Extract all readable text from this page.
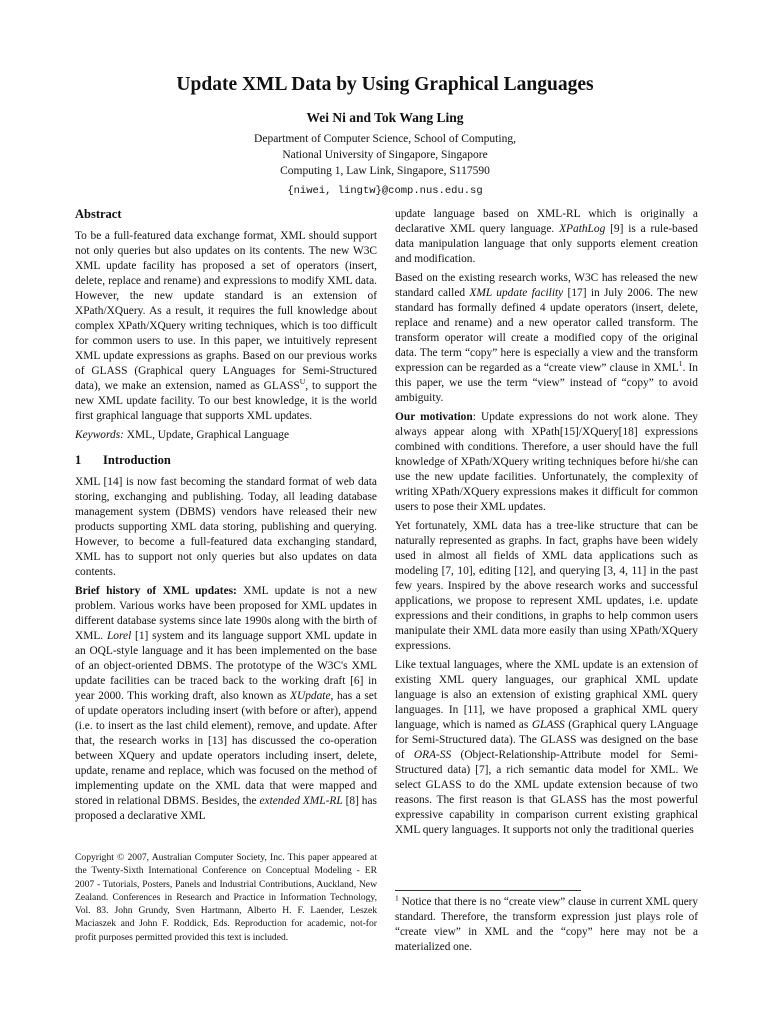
Update XML Data by Using Graphical Languages
Wei Ni and Tok Wang Ling
Department of Computer Science, School of Computing,
National University of Singapore, Singapore
Computing 1, Law Link, Singapore, S117590
{niwei, lingtw}@comp.nus.edu.sg
Abstract

To be a full-featured data exchange format, XML should support not only queries but also updates on its contents. The new W3C XML update facility has proposed a set of operators (insert, delete, replace and rename) and expressions to modify XML data. However, the new update standard is an extension of XPath/XQuery. As a result, it requires the full knowledge about complex XPath/XQuery writing techniques, which is too difficult for common users to use. In this paper, we intuitively represent XML update expressions as graphs. Based on our previous works of GLASS (Graphical query LAnguages for Semi-Structured data), we make an extension, named as $GLASS^U$, to support the new XML update facility. To our best knowledge, it is the world first graphical language that supports XML updates.

Keywords: XML, Update, Graphical Language

1 Introduction

XML [14] is now fast becoming the standard format of web data storing, exchanging and publishing. Today, all leading database management system (DBMS) vendors have released their new products supporting XML data storing, publishing and querying. However, to become a full-featured data exchanging standard, XML has to support not only queries but also updates on data contents.

Brief history of XML updates: XML update is not a new problem. Various works have been proposed for XML updates in different database systems since late 1990s along with the birth of XML. Lorel [1] system and its language support XML update in an OQL-style language and it has been implemented on the base of an object-oriented DBMS. The prototype of the W3C's XML update facilities can be traced back to the working draft [6] in year 2000. This working draft, also known as XUpdate, has a set of update operators including insert (with before or after), append (i.e. to insert as the last child element), remove, and update. After that, the research works in [13] has discussed the co-operation between XQuery and update operators including insert, delete, update, rename and replace, which was focused on the method of implementing update on the XML data that were mapped and stored in relational DBMS. Besides, the extended XML-RL [8] has proposed a declarative XML

Copyright © 2007, Australian Computer Society, Inc. This paper appeared at the Twenty-Sixth International Conference on Conceptual Modeling - ER 2007 - Tutorials, Posters, Panels and Industrial Contributions, Auckland, New Zealand. Conferences in Research and Practice in Information Technology, Vol. 83. John Grundy, Sven Hartmann, Alberto H. F. Laender, Leszek Maciaszek and John F. Roddick, Eds. Reproduction for academic, not-for profit purposes permitted provided this text is included.

update language based on XML-RL which is originally a declarative XML query language. XPathLog [9] is a rule-based data manipulation language that only supports element creation and modification.

Based on the existing research works, W3C has released the new standard called XML update facility [17] in July 2006. The new standard has formally defined 4 update operators (insert, delete, replace and rename) and a new operator called transform. The transform operator will create a modified copy of the original data. The term “copy” here is especially a view and the transform expression can be regarded as a “create view” clause in XML$^1$. In this paper, we use the term “view” instead of “copy” to avoid ambiguity.

Our motivation: Update expressions do not work alone. They always appear along with XPath[15]/XQuery[18] expressions combined with conditions. Therefore, a user should have the full knowledge of XPath/XQuery writing techniques before hi/she can use the new update facilities. Unfortunately, the complexity of writing XPath/XQuery expressions makes it difficult for common users to pose their XML updates.

Yet fortunately, XML data has a tree-like structure that can be naturally represented as graphs. In fact, graphs have been widely used in almost all fields of XML data applications such as modeling [7, 10], editing [12], and querying [3, 4, 11] in the past few years. Inspired by the above research works and successful applications, we propose to represent XML updates, i.e. update expressions and their conditions, in graphs to help common users manipulate their XML data more easily than using XPath/XQuery expressions.

Like textual languages, where the XML update is an extension of existing XML query languages, our graphical XML update language is also an extension of existing graphical XML query languages. In [11], we have proposed a graphical XML query language, which is named as GLASS (Graphical query LAnguage for Semi-Structured data). The GLASS was designed on the base of ORA-SS (Object-Relationship-Attribute model for Semi-Structured data) [7], a rich semantic data model for XML. We select GLASS to do the XML update extension because of two reasons. The first reason is that GLASS has the most powerful expressive capability in comparison current existing graphical XML query languages. It supports not only the traditional queries

$^1$ Notice that there is no “create view” clause in current XML query standard. Therefore, the transform expression just plays role of “create view” in XML and the “copy” here may not be a materialized one.
